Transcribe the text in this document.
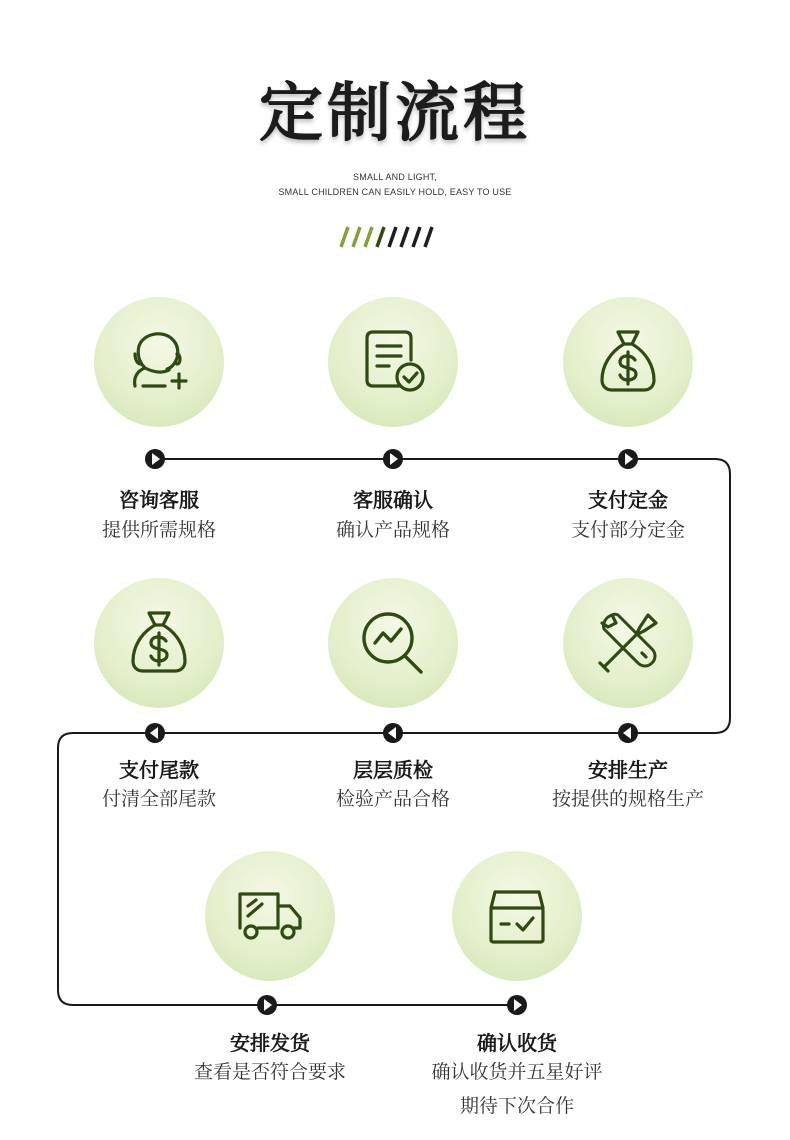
定制流程
SMALL AND LIGHT,
SMALL CHILDREN CAN EASILY HOLD, EASY TO USE
咨询客服
提供所需规格
客服确认
确认产品规格
支付定金
支付部分定金
支付尾款
付清全部尾款
层层质检
检验产品合格
安排生产
按提供的规格生产
安排发货
查看是否符合要求
确认收货
确认收货并五星好评
期待下次合作
